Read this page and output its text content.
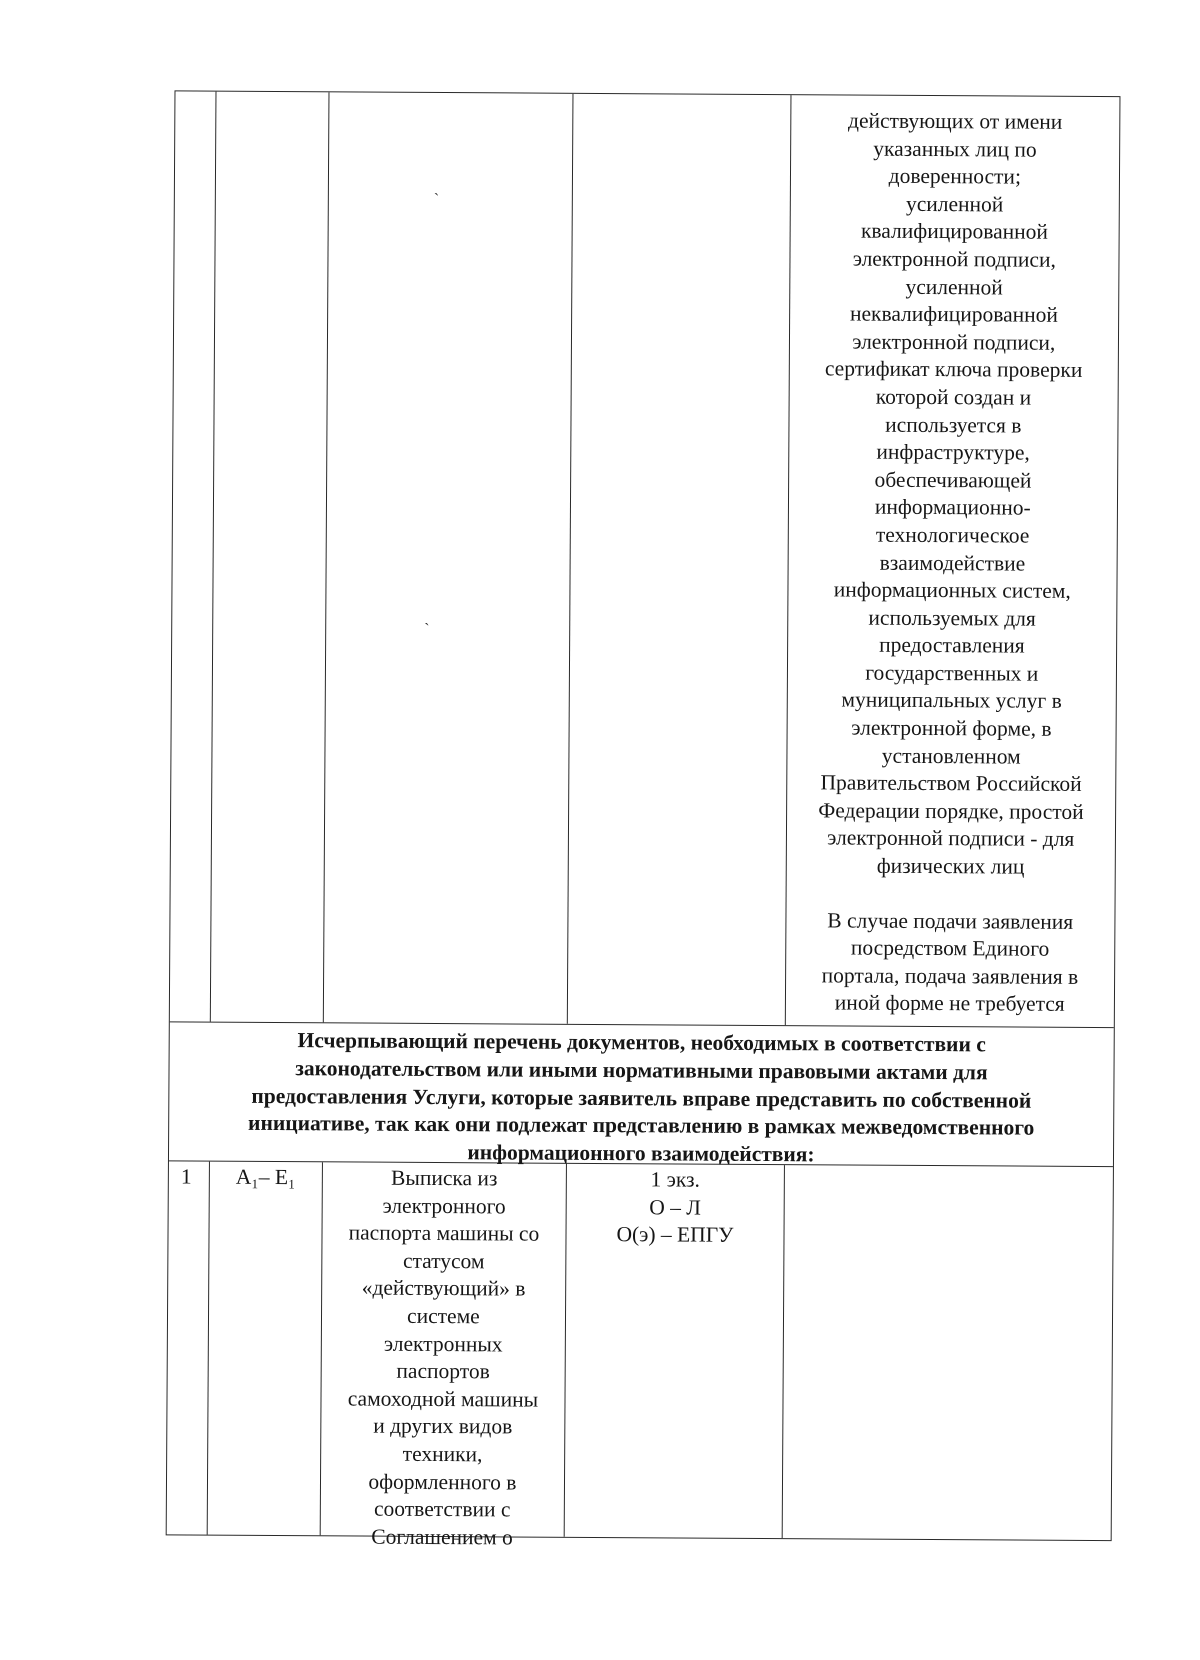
ˎ
ˎ
действующих от имени
указанных лиц по
доверенности;
усиленной
квалифицированной
электронной подписи,
усиленной
неквалифицированной
электронной подписи,
сертификат ключа проверки
которой создан и
используется в
инфраструктуре,
обеспечивающей
информационно-
технологическое
взаимодействие
информационных систем,
используемых для
предоставления
государственных и
муниципальных услуг в
электронной форме, в
установленном
Правительством Российской
Федерации порядке, простой
электронной подписи - для
физических лиц
В случае подачи заявления
посредством Единого
портала, подача заявления в
иной форме не требуется
Исчерпывающий перечень документов, необходимых в соответствии с
законодательством или иными нормативными правовыми актами для
предоставления Услуги, которые заявитель вправе представить по собственной
инициативе, так как они подлежат представлению в рамках межведомственного
информационного взаимодействия:
1	А₁– Е₁	Выписка из
электронного
паспорта машины со
статусом
«действующий» в
системе
электронных
паспортов
самоходной машины
и других видов
техники,
оформленного в
соответствии с
Соглашением о
1 экз.
О – Л
О(э) – ЕПГУ
